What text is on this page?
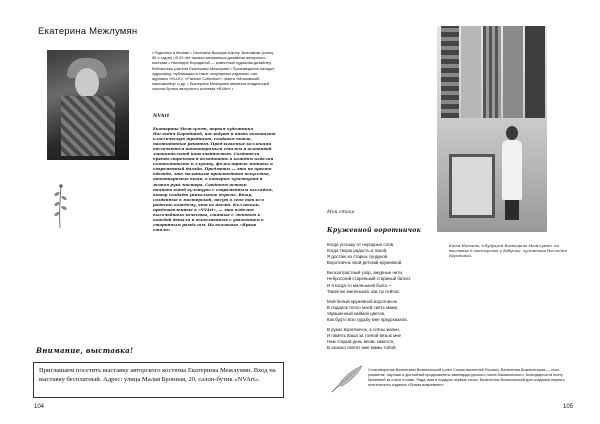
Екатерина Межлумян
• Родилась в Москве • Окончила Высшую Школу Экономики (конец 90-х годов) • В 20 лет начала заниматься дизайном авторского костюма • Наследие Бородиной — известный художник-дизайнер, библиотека учителя Екатерины Межлумян • Произведения находят художницу: публикации в таких популярных изданиях, как: журналы «ELLE», «Fashion Collection», газета «Московский комсомолец» и др. • Екатерина Межлумян является владелицей салона-бутика авторского костюма «NVArt» •
NVArt
Екатерина Межлумян, первая художница Наследия Бородиной, наследует и вновь обогащает классическую традицию, создавая новые, неожиданные решения. Предлагаемые коллекции отличаются неповторимым стилем и особенной эмоциональной наполненностью. Создатели бренда стремятся объединить в каждом изделии самобытность и глубину, фольклорные мотивы и современный дизайн. Предметы — это не просто одежда, это маленькие произведения искусства, неповторимые вещи, в которых чувствуется живая рука мастера. Соединяя истоки национальной культуры с современным взглядом, автор создаёт уникальные образы. Вещи, созданные в мастерской, несут в себе тепло и радость каждому, кто их носит. Коллекции, представленные в «NVArt», — это изделия высочайшего качества, сшитые с любовью к каждой детали и выполненные с уважением к старинным ремёслам. На выставке «Яркие стили».
Внимание, выставка!
Приглашаем посетить выставку авторского костюма Екатерины Межлумян. Вход на выставку бесплатный. Адрес: улица Малая Бронная, 20, салон-бутик «NVArt».
104
Катя Ионкина, в будущем Екатерина Межлумян, на выставке в мастерской у бабушки, художника Наследия Бородиной.
Мой стихи
Кружевной воротничок
Когда услышу от неродных слов,
Когда творю радость и покой,
Я достаю из старых сундуков
Воротничок свой детский кружевной.
Бесконтрастный узор, ажурные нити,
Небросский старенький стариный батист.
И я когда-то маленькой была —
Такой же маленькой, как ты сейчас.
Мой белый кружевной воротничок
В подарок тепло моей сиять мама,
Украшенный каймой цветов,
Как будто всю судьбу мне предсказала.
В руках воротничок, а слёзы жалки,
И память ваша за тонкой вязью мне
Нам старый день вновь кажется,
В окошко светит мне мамы тобой.
Стихотворение Валентины Вознесенской (член Союза писателей России). Валентина Вознесенская — поэт-романтик, научная и достойный продолжатель авангарда русского поэта Малишинского. Благодарности поэту Мокеевой за стихи и нами. Рада, вам в подарок первые стихи. Валентины Вознесенской для создания первого поэтического издания «Поэма вовремени».
105
